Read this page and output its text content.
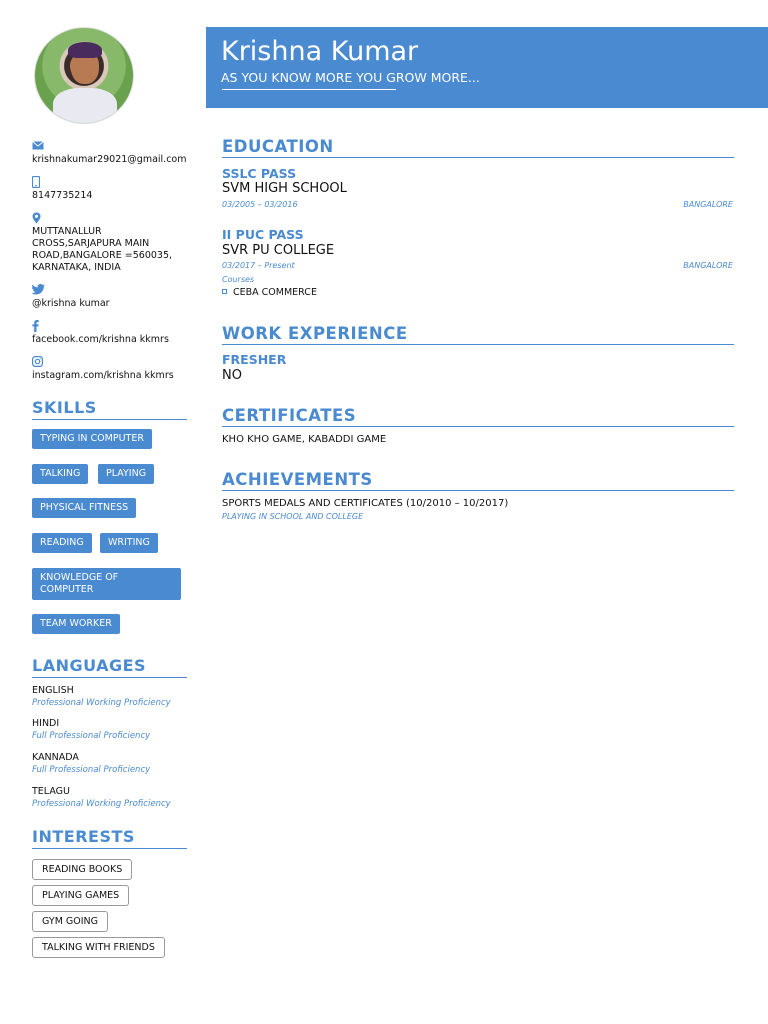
krishnakumar29021@gmail.com
8147735214
MUTTANALLUR CROSS,SARJAPURA MAIN ROAD,BANGALORE =560035, KARNATAKA, INDIA
@krishna kumar
facebook.com/krishna kkmrs
instagram.com/krishna kkmrs
SKILLS
TYPING IN COMPUTER
TALKING	PLAYING
PHYSICAL FITNESS
READING	WRITING
KNOWLEDGE OF COMPUTER
TEAM WORKER
LANGUAGES
ENGLISH
Professional Working Proficiency
HINDI
Full Professional Proficiency
KANNADA
Full Professional Proficiency
TELAGU
Professional Working Proficiency
INTERESTS
READING BOOKS
PLAYING GAMES
GYM GOING
TALKING WITH FRIENDS
Krishna Kumar
AS YOU KNOW MORE YOU GROW MORE...
EDUCATION
SSLC PASS
SVM HIGH SCHOOL
03/2005 – 03/2016	BANGALORE
II PUC PASS
SVR PU COLLEGE
03/2017 – Present	BANGALORE
Courses
CEBA COMMERCE
WORK EXPERIENCE
FRESHER
NO
CERTIFICATES
KHO KHO GAME, KABADDI GAME
ACHIEVEMENTS
SPORTS MEDALS AND CERTIFICATES (10/2010 – 10/2017)
PLAYING IN SCHOOL AND COLLEGE
